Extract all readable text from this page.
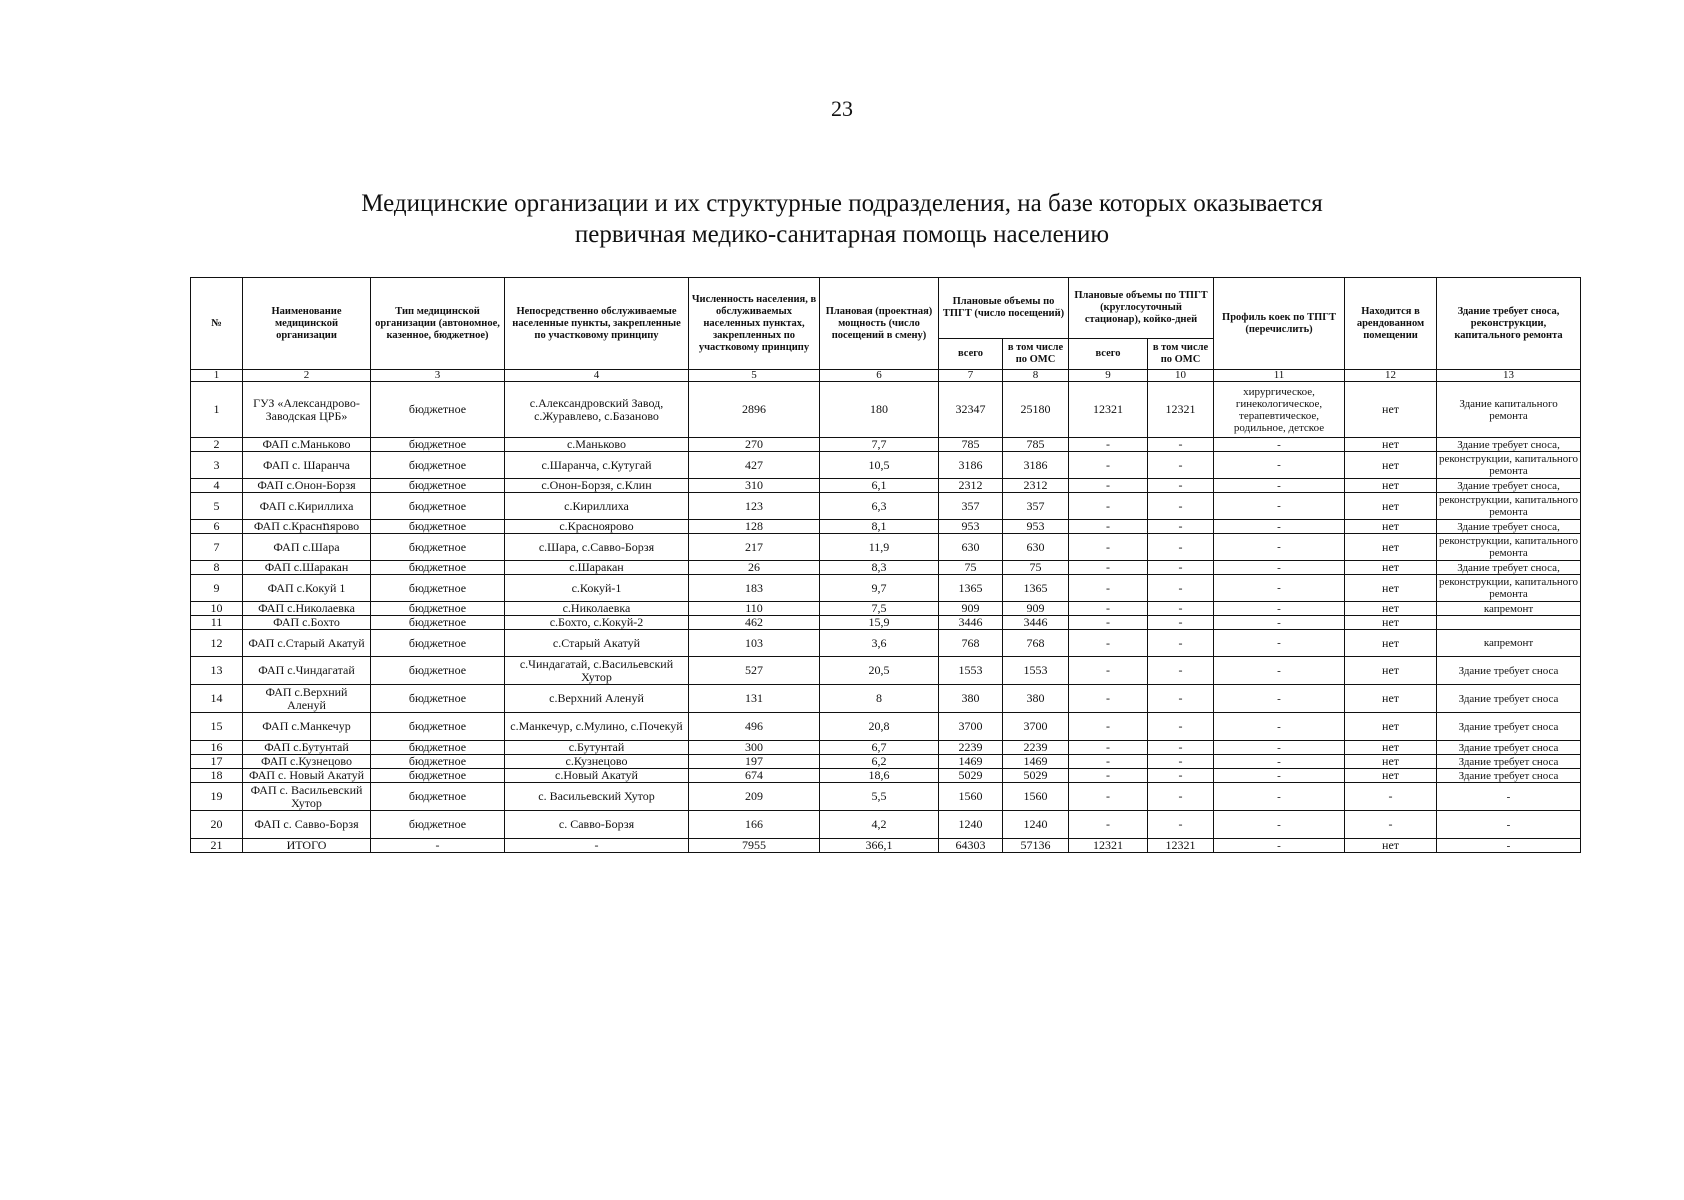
23
Медицинские организации и их структурные подразделения, на базе которых оказывается
первичная медико-санитарная помощь населению
№	Наименование медицинской организации	Тип медицинской организации (автономное, казенное, бюджетное)	Непосредственно обслуживаемые населенные пункты, закрепленные по участковому принципу	Численность населения, в обслуживаемых населенных пунктах, закрепленных по участковому принципу	Плановая (проектная) мощность (число посещений в смену)	Плановые объемы по ТПГТ (число посещений)		Плановые объемы по ТПГТ (круглосуточный стационар), койко-дней		Профиль коек по ТПГТ (перечислить)	Находится в арендованном помещении	Здание требует сноса, реконструкции, капитального ремонта
						всего	в том числе по ОМС	всего	в том числе по ОМС			
1	2	3	4	5	6	7	8	9	10	11	12	13
1	ГУЗ «Александрово-Заводская ЦРБ»	бюджетное	с.Александровский Завод, с.Журавлево, с.Базаново	2896	180	32347	25180	12321	12321	хирургическое, гинекологическое, терапевтическое, родильное, детское	нет	Здание капитального ремонта
2	ФАП с.Маньково	бюджетное	с.Маньково	270	7,7	785	785	-	-	-	нет	Здание требует сноса,
3	ФАП с. Шаранча	бюджетное	с.Шаранча, с.Кутугай	427	10,5	3186	3186	-	-	-	нет	реконструкции, капитального ремонта
4	ФАП с.Онон-Борзя	бюджетное	с.Онон-Борзя, с.Клин	310	6,1	2312	2312	-	-	-	нет	Здание требует сноса,
5	ФАП с.Кириллиха	бюджетное	с.Кириллиха	123	6,3	357	357	-	-	-	нет	реконструкции, капитального ремонта
6	ФАП с.Краснոярово	бюджетное	с.Красноярово	128	8,1	953	953	-	-	-	нет	Здание требует сноса,
7	ФАП с.Шара	бюджетное	с.Шара, с.Савво-Борзя	217	11,9	630	630	-	-	-	нет	реконструкции, капитального ремонта
8	ФАП с.Шаракан	бюджетное	с.Шаракан	26	8,3	75	75	-	-	-	нет	Здание требует сноса,
9	ФАП с.Кокуй 1	бюджетное	с.Кокуй-1	183	9,7	1365	1365	-	-	-	нет	реконструкции, капитального ремонта
10	ФАП с.Николаевка	бюджетное	с.Николаевка	110	7,5	909	909	-	-	-	нет	капремонт
11	ФАП с.Бохто	бюджетное	с.Бохто, с.Кокуй-2	462	15,9	3446	3446	-	-	-	нет	
12	ФАП с.Старый Акатуй	бюджетное	с.Старый Акатуй	103	3,6	768	768	-	-	-	нет	капремонт
13	ФАП с.Чиндагатай	бюджетное	с.Чиндагатай, с.Васильевский Хутор	527	20,5	1553	1553	-	-	-	нет	Здание требует сноса
14	ФАП с.Верхний Аленуй	бюджетное	с.Верхний Аленуй	131	8	380	380	-	-	-	нет	Здание требует сноса
15	ФАП с.Манкечур	бюджетное	с.Манкечур, с.Мулино, с.Почекуй	496	20,8	3700	3700	-	-	-	нет	Здание требует сноса
16	ФАП с.Бутунтай	бюджетное	с.Бутунтай	300	6,7	2239	2239	-	-	-	нет	Здание требует сноса
17	ФАП с.Кузнецово	бюджетное	с.Кузнецово	197	6,2	1469	1469	-	-	-	нет	Здание требует сноса
18	ФАП с. Новый Акатуй	бюджетное	с.Новый Акатуй	674	18,6	5029	5029	-	-	-	нет	Здание требует сноса
19	ФАП с. Васильевский Хутор	бюджетное	с. Васильевский Хутор	209	5,5	1560	1560	-	-	-	-	-
20	ФАП с. Савво-Борзя	бюджетное	с. Савво-Борзя	166	4,2	1240	1240	-	-	-	-	-
21	ИТОГО	-	-	7955	366,1	64303	57136	12321	12321	-	нет	-
